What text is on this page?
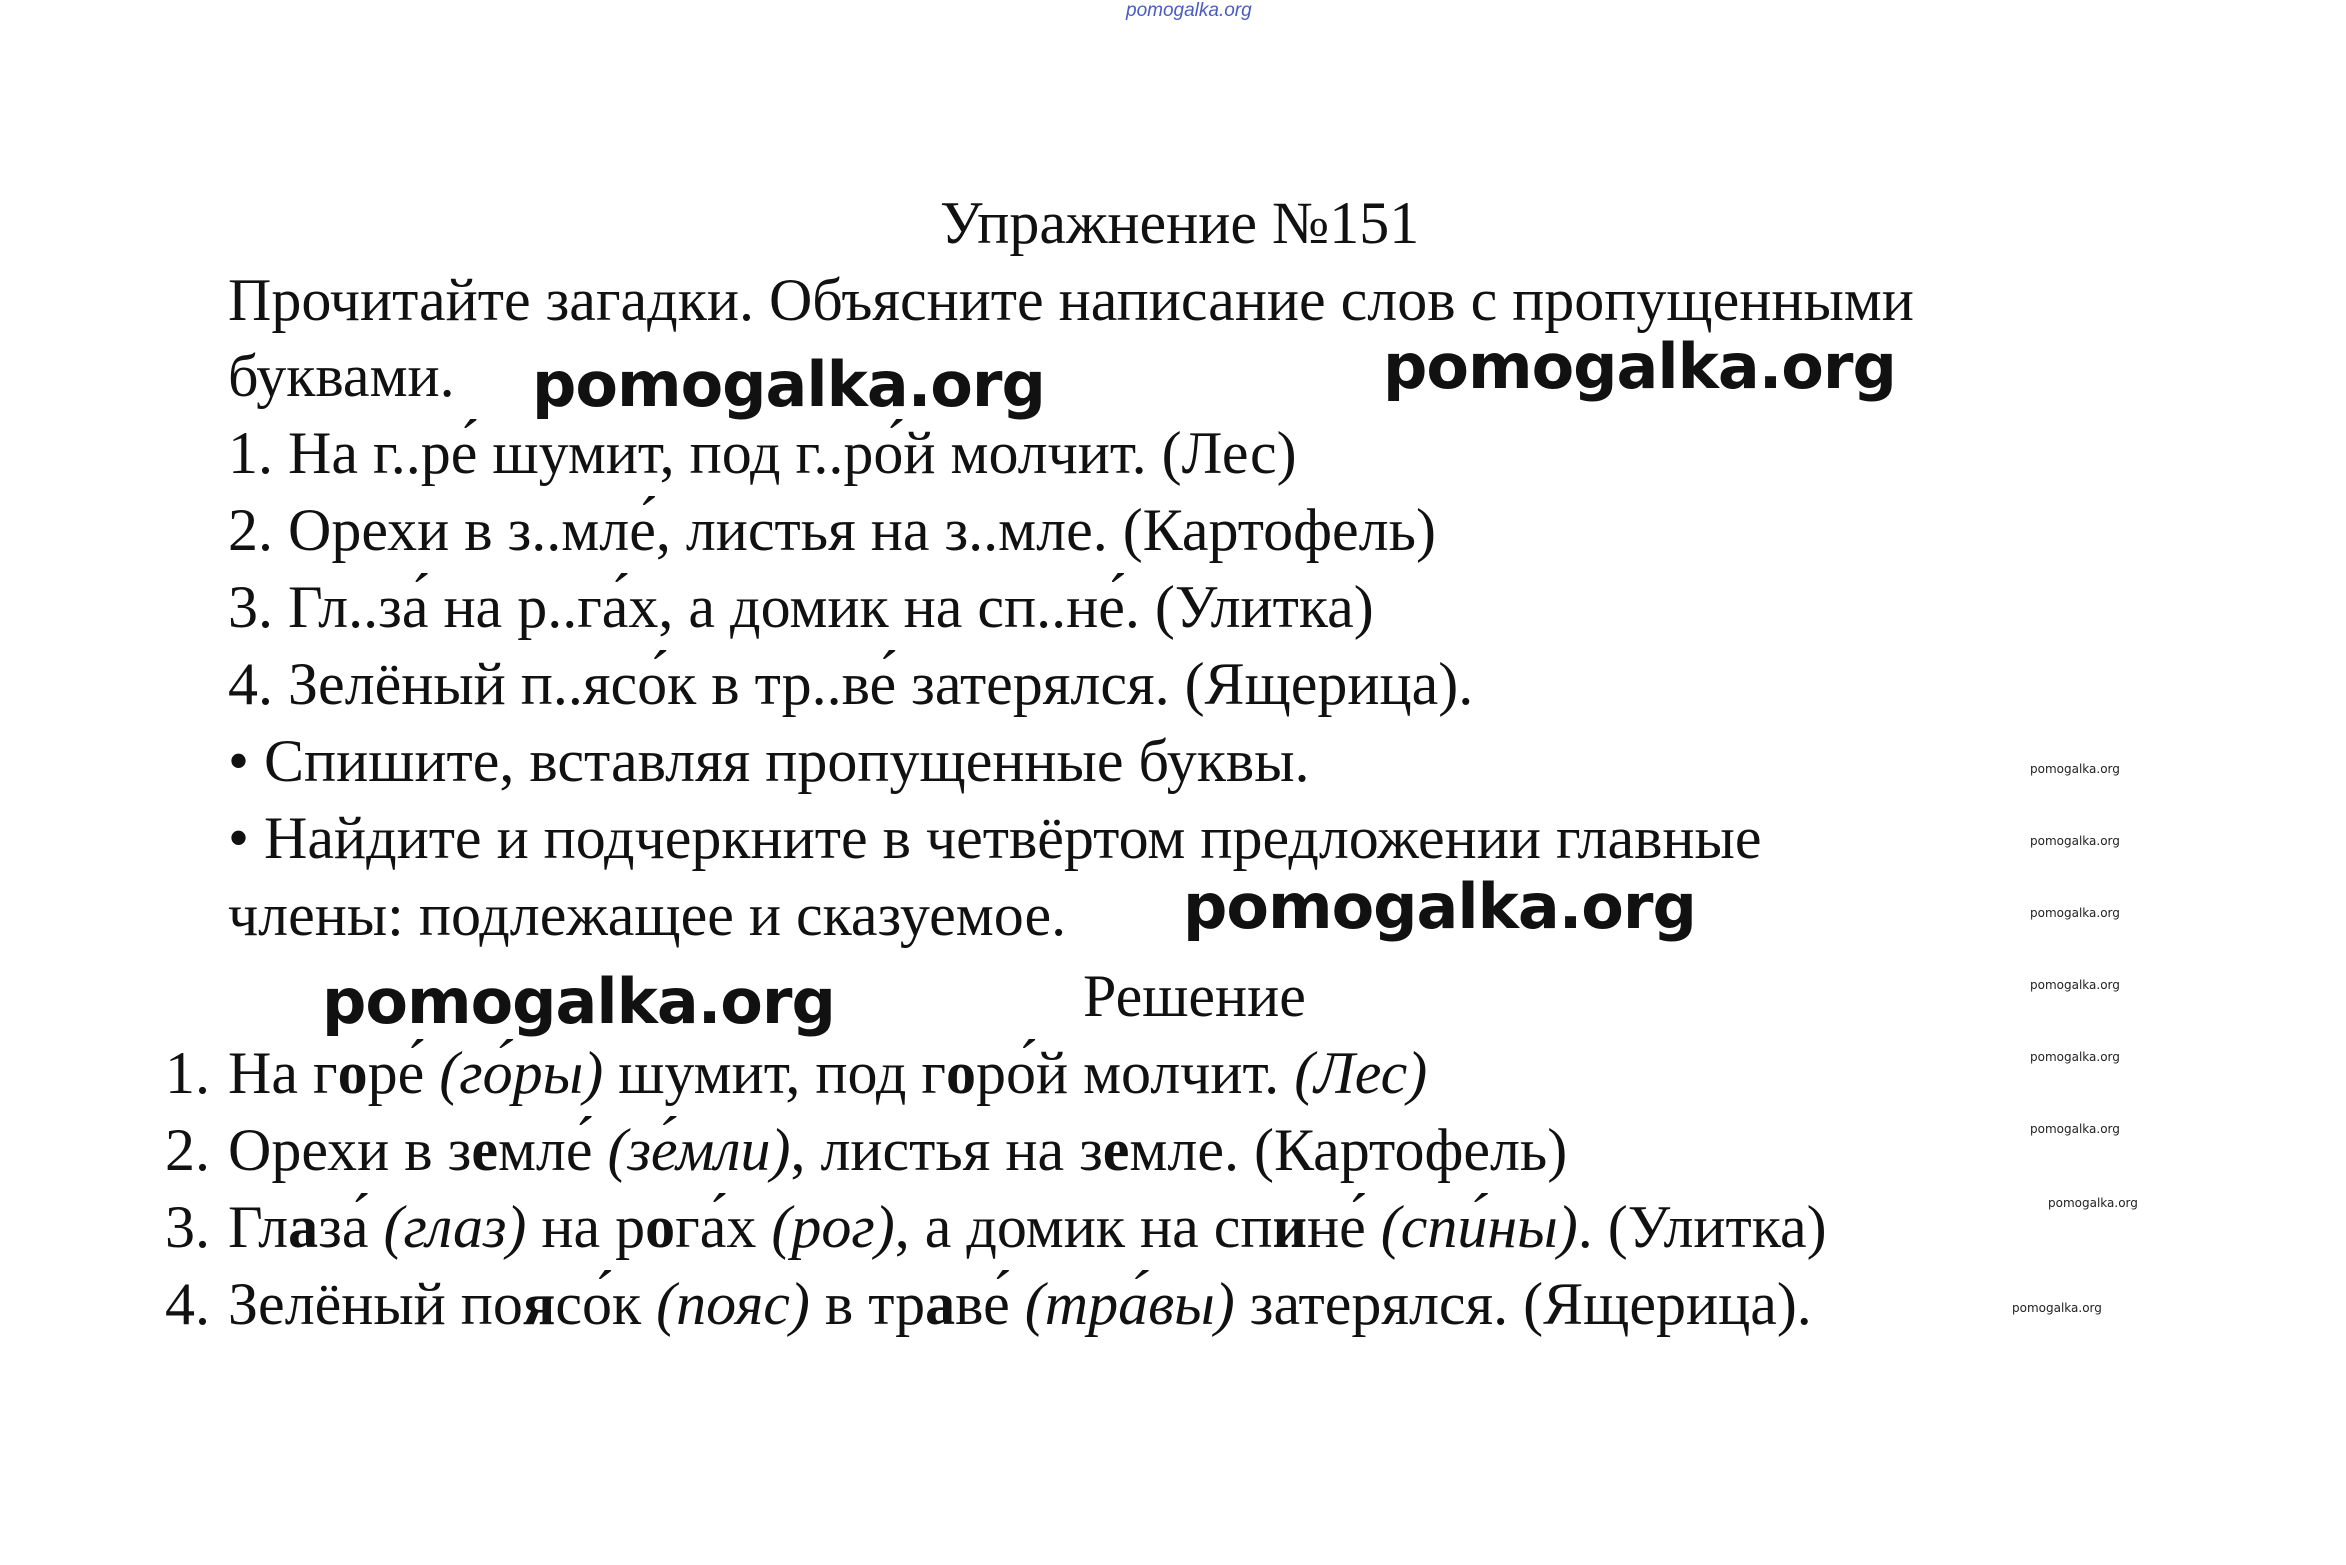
pomogalka.org
Упражнение №151
Прочитайте загадки. Объясните написание слов с пропущенными
буквами.
1. На г..ре́ шумит, под г..ро́й молчит. (Лес)
2. Орехи в з..мле́, листья на з..мле. (Картофель)
3. Гл..за́ на р..га́х, а домик на сп..не́. (Улитка)
4. Зелёный п..ясо́к в тр..ве́ затерялся. (Ящерица).
• Спишите, вставляя пропущенные буквы.
• Найдите и подчеркните в четвёртом предложении главные
члены: подлежащее и сказуемое.
Решение
1. На горе́ (го́ры) шумит, под горо́й молчит. (Лес)
2. Орехи в земле́ (зе́мли), листья на земле. (Картофель)
3. Глаза́ (глаз) на рога́х (рог), а домик на спине́ (спи́ны). (Улитка)
4. Зелёный поясо́к (пояс) в траве́ (тра́вы) затерялся. (Ящерица).
pomogalka.org	pomogalka.org
pomogalka.org
pomogalka.org
pomogalka.org
pomogalka.org
pomogalka.org
pomogalka.org
pomogalka.org
pomogalka.org
pomogalka.org
pomogalka.org
